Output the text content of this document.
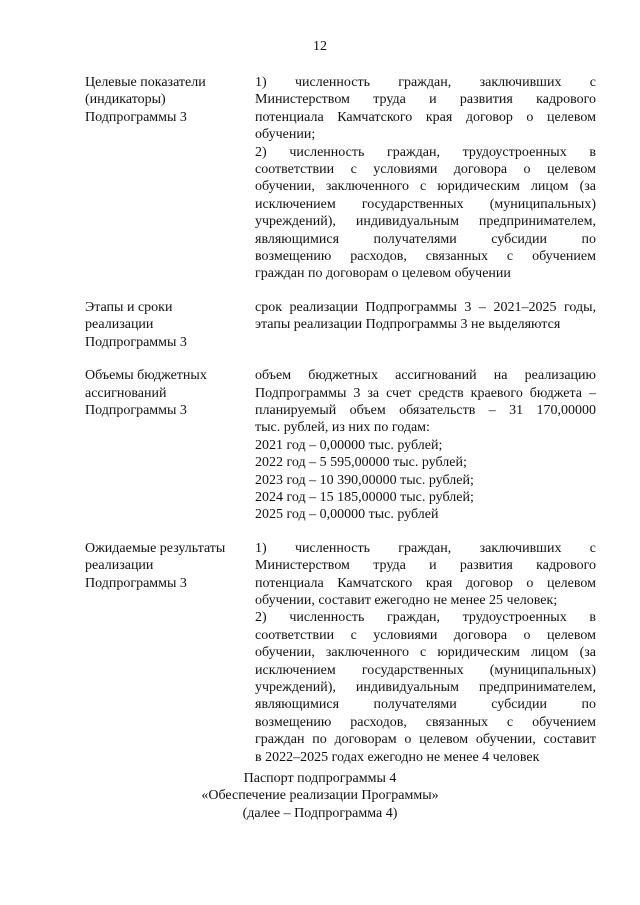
12
Целевые показатели
(индикаторы)
Подпрограммы 3
1) численность граждан, заключивших с
Министерством труда и развития кадрового
потенциала Камчатского края договор о целевом
обучении;
2) численность граждан, трудоустроенных в
соответствии с условиями договора о целевом
обучении, заключенного с юридическим лицом (за
исключением государственных (муниципальных)
учреждений), индивидуальным предпринимателем,
являющимися получателями субсидии по
возмещению расходов, связанных с обучением
граждан по договорам о целевом обучении
Этапы и сроки
реализации
Подпрограммы 3
срок реализации Подпрограммы 3 – 2021–2025 годы,
этапы реализации Подпрограммы 3 не выделяются
Объемы бюджетных
ассигнований
Подпрограммы 3
объем бюджетных ассигнований на реализацию
Подпрограммы 3 за счет средств краевого бюджета –
планируемый объем обязательств – 31 170,00000
тыс. рублей, из них по годам:
2021 год – 0,00000 тыс. рублей;
2022 год – 5 595,00000 тыс. рублей;
2023 год – 10 390,00000 тыс. рублей;
2024 год – 15 185,00000 тыс. рублей;
2025 год – 0,00000 тыс. рублей
Ожидаемые результаты
реализации
Подпрограммы 3
1) численность граждан, заключивших с
Министерством труда и развития кадрового
потенциала Камчатского края договор о целевом
обучении, составит ежегодно не менее 25 человек;
2) численность граждан, трудоустроенных в
соответствии с условиями договора о целевом
обучении, заключенного с юридическим лицом (за
исключением государственных (муниципальных)
учреждений), индивидуальным предпринимателем,
являющимися получателями субсидии по
возмещению расходов, связанных с обучением
граждан по договорам о целевом обучении, составит
в 2022–2025 годах ежегодно не менее 4 человек
Паспорт подпрограммы 4
«Обеспечение реализации Программы»
(далее – Подпрограмма 4)
